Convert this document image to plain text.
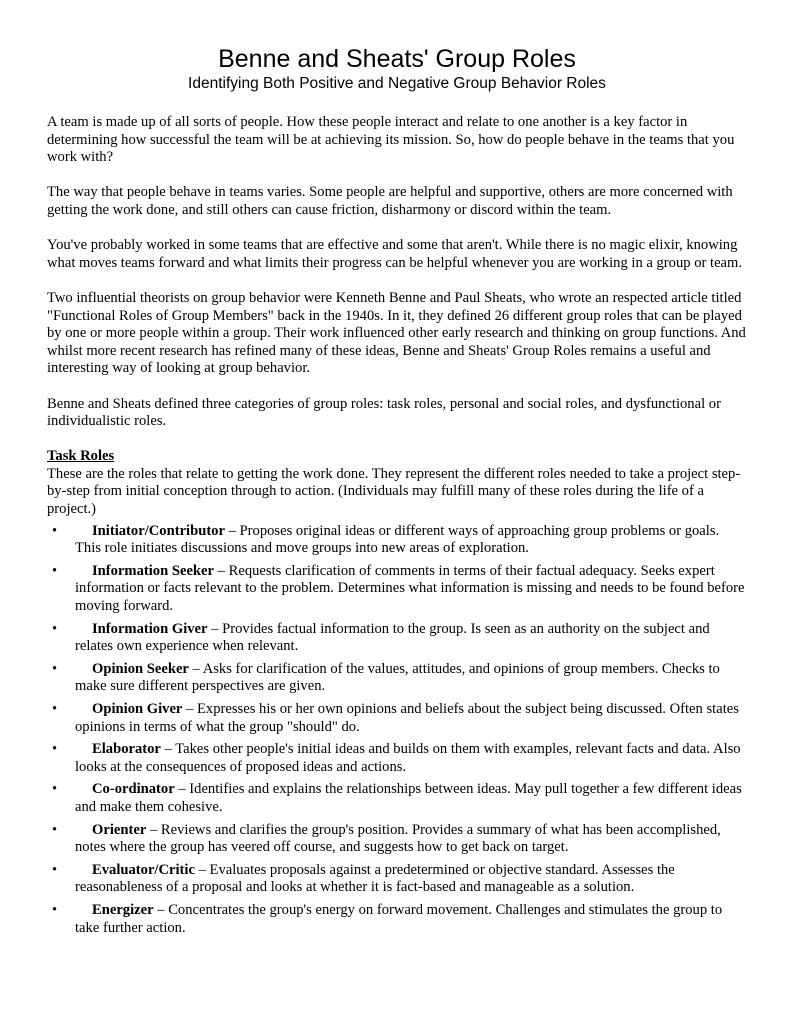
Benne and Sheats' Group Roles
Identifying Both Positive and Negative Group Behavior Roles

A team is made up of all sorts of people. How these people interact and relate to one another is a key factor in determining how successful the team will be at achieving its mission. So, how do people behave in the teams that you work with?

The way that people behave in teams varies. Some people are helpful and supportive, others are more concerned with getting the work done, and still others can cause friction, disharmony or discord within the team.

You've probably worked in some teams that are effective and some that aren't. While there is no magic elixir, knowing what moves teams forward and what limits their progress can be helpful whenever you are working in a group or team.

Two influential theorists on group behavior were Kenneth Benne and Paul Sheats, who wrote an respected article titled "Functional Roles of Group Members" back in the 1940s. In it, they defined 26 different group roles that can be played by one or more people within a group. Their work influenced other early research and thinking on group functions. And whilst more recent research has refined many of these ideas, Benne and Sheats' Group Roles remains a useful and interesting way of looking at group behavior.

Benne and Sheats defined three categories of group roles: task roles, personal and social roles, and dysfunctional or individualistic roles.

Task Roles

These are the roles that relate to getting the work done. They represent the different roles needed to take a project step-by-step from initial conception through to action. (Individuals may fulfill many of these roles during the life of a project.)

• Initiator/Contributor – Proposes original ideas or different ways of approaching group problems or goals. This role initiates discussions and move groups into new areas of exploration.
• Information Seeker – Requests clarification of comments in terms of their factual adequacy. Seeks expert information or facts relevant to the problem. Determines what information is missing and needs to be found before moving forward.
• Information Giver – Provides factual information to the group. Is seen as an authority on the subject and relates own experience when relevant.
• Opinion Seeker – Asks for clarification of the values, attitudes, and opinions of group members. Checks to make sure different perspectives are given.
• Opinion Giver – Expresses his or her own opinions and beliefs about the subject being discussed. Often states opinions in terms of what the group "should" do.
• Elaborator – Takes other people's initial ideas and builds on them with examples, relevant facts and data. Also looks at the consequences of proposed ideas and actions.
• Co-ordinator – Identifies and explains the relationships between ideas. May pull together a few different ideas and make them cohesive.
• Orienter – Reviews and clarifies the group's position. Provides a summary of what has been accomplished, notes where the group has veered off course, and suggests how to get back on target.
• Evaluator/Critic – Evaluates proposals against a predetermined or objective standard. Assesses the reasonableness of a proposal and looks at whether it is fact-based and manageable as a solution.
• Energizer – Concentrates the group's energy on forward movement. Challenges and stimulates the group to take further action.
